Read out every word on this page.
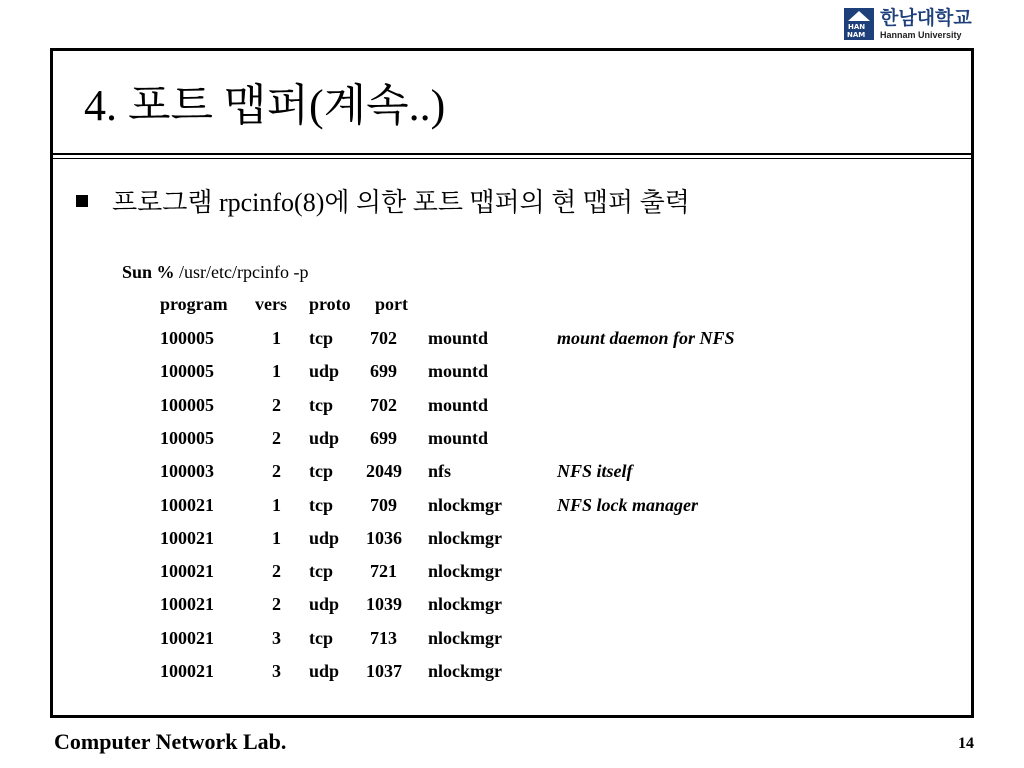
HAN
NAM
한남대학교
Hannam University
4. 포트 맵퍼(계속..)
프로그램 rpcinfo(8)에 의한 포트 맵퍼의 현 맵퍼 출력
Sun % /usr/etc/rpcinfo -p
program vers proto port
100005	1 tcp 702 mountd	mount daemon for NFS
100005	1 udp 699 mountd
100005	2 tcp 702 mountd
100005	2 udp 699 mountd
100003	2 tcp 2049 nfs	NFS itself
100021	1 tcp 709 nlockmgr	NFS lock manager
100021	1 udp 1036 nlockmgr
100021	2 tcp 721 nlockmgr
100021	2 udp 1039 nlockmgr
100021	3 tcp 713 nlockmgr
100021	3 udp 1037 nlockmgr
Computer Network Lab.	14
